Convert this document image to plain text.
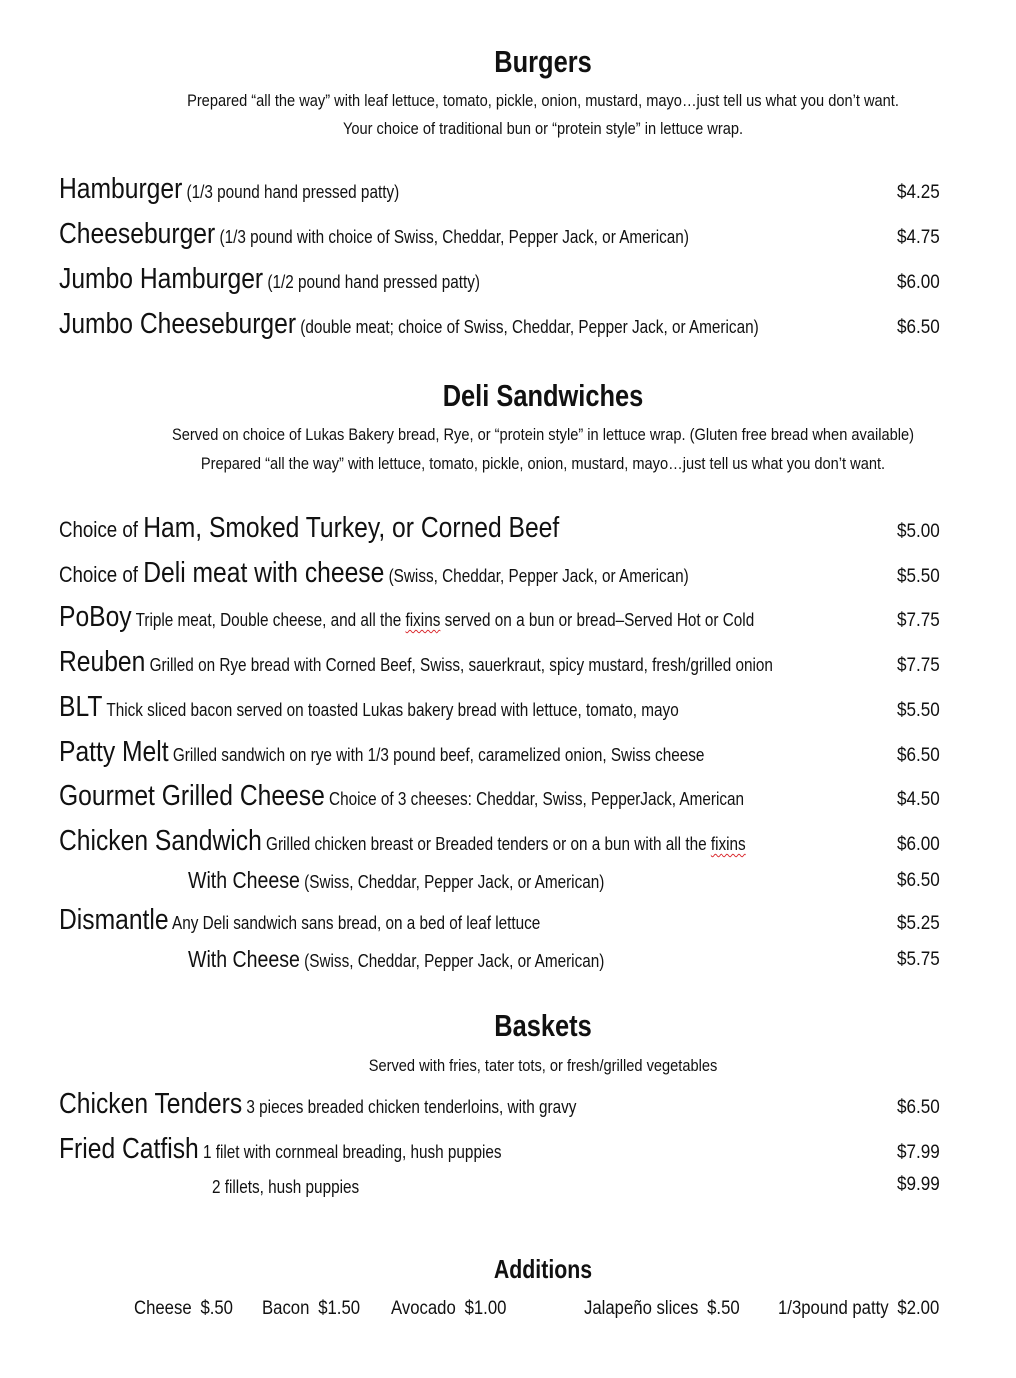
Burgers
Prepared “all the way” with leaf lettuce, tomato, pickle, onion, mustard, mayo…just tell us what you don’t want.
Your choice of traditional bun or “protein style” in lettuce wrap.
Hamburger (1/3 pound hand pressed patty)	$4.25
Cheeseburger (1/3 pound with choice of Swiss, Cheddar, Pepper Jack, or American)	$4.75
Jumbo Hamburger (1/2 pound hand pressed patty)	$6.00
Jumbo Cheeseburger (double meat; choice of Swiss, Cheddar, Pepper Jack, or American)	$6.50
Deli Sandwiches
Served on choice of Lukas Bakery bread, Rye, or “protein style” in lettuce wrap. (Gluten free bread when available)
Prepared “all the way” with lettuce, tomato, pickle, onion, mustard, mayo…just tell us what you don’t want.
Choice of Ham, Smoked Turkey, or Corned Beef	$5.00
Choice of Deli meat with cheese (Swiss, Cheddar, Pepper Jack, or American)	$5.50
PoBoy Triple meat, Double cheese, and all the fixins served on a bun or bread–Served Hot or Cold	$7.75
Reuben Grilled on Rye bread with Corned Beef, Swiss, sauerkraut, spicy mustard, fresh/grilled onion	$7.75
BLT Thick sliced bacon served on toasted Lukas bakery bread with lettuce, tomato, mayo	$5.50
Patty Melt Grilled sandwich on rye with 1/3 pound beef, caramelized onion, Swiss cheese	$6.50
Gourmet Grilled Cheese Choice of 3 cheeses: Cheddar, Swiss, PepperJack, American	$4.50
Chicken Sandwich Grilled chicken breast or Breaded tenders or on a bun with all the fixins	$6.00
With Cheese (Swiss, Cheddar, Pepper Jack, or American)	$6.50
Dismantle Any Deli sandwich sans bread, on a bed of leaf lettuce	$5.25
With Cheese (Swiss, Cheddar, Pepper Jack, or American)	$5.75
Baskets
Served with fries, tater tots, or fresh/grilled vegetables
Chicken Tenders 3 pieces breaded chicken tenderloins, with gravy	$6.50
Fried Catfish 1 filet with cornmeal breading, hush puppies	$7.99
2 fillets, hush puppies	$9.99
Additions
Cheese $.50 Bacon $1.50 Avocado $1.00	Jalapeño slices $.50 1/3pound patty $2.00
